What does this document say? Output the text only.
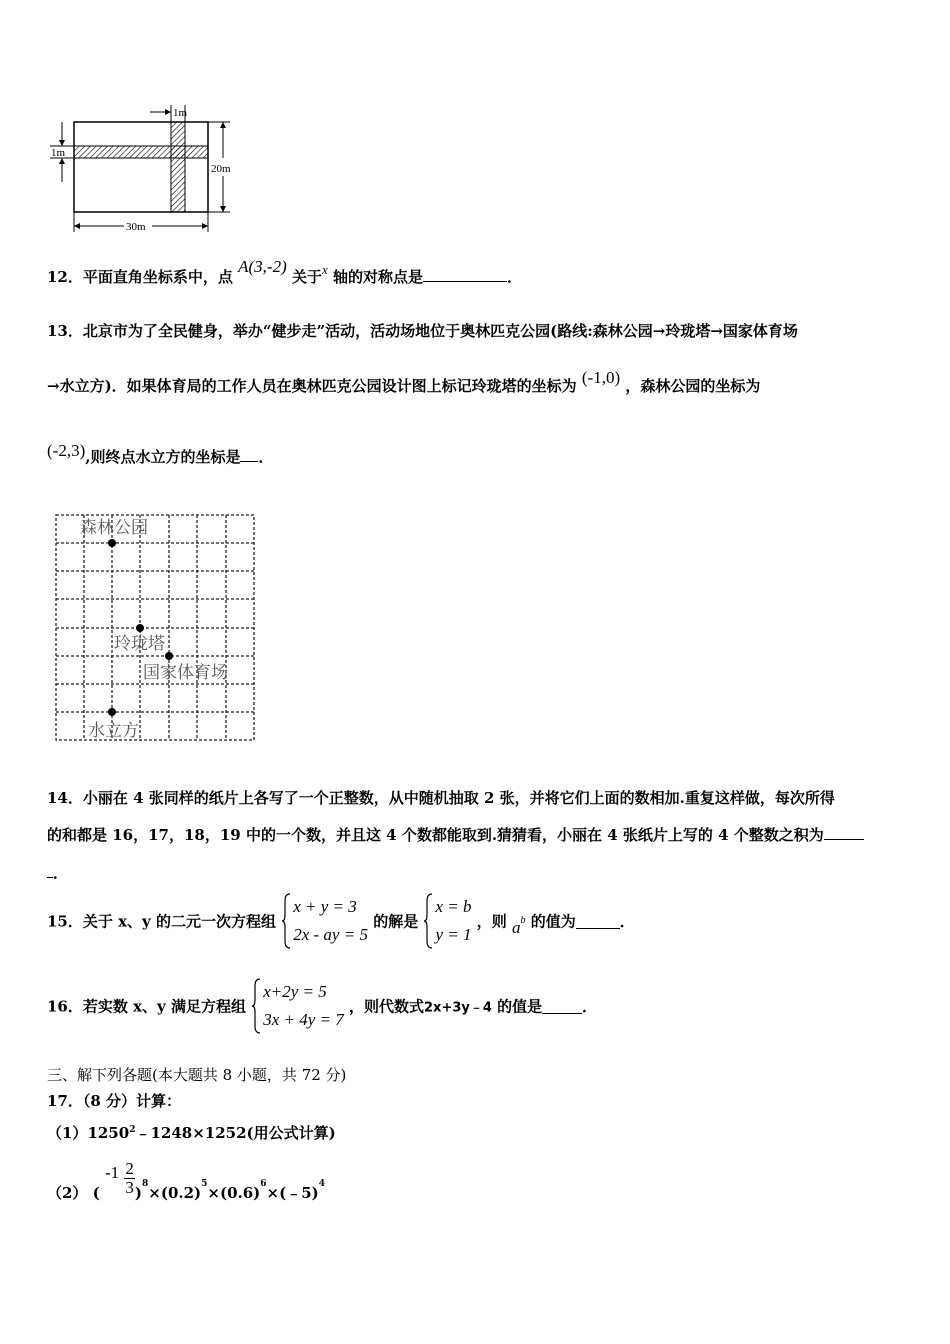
1m
1m
20m
30m
12．平面直角坐标系中，点 A(3,‑2) 关于x 轴的对称点是	．
13．北京市为了全民健身，举办“健步走”活动，活动场地位于奥林匹克公园(路线:森林公园→玲珑塔→国家体育场
→水立方)．如果体育局的工作人员在奥林匹克公园设计图上标记玲珑塔的坐标为 (‑1,0) ，森林公园的坐标为
(‑2,3),则终点水立方的坐标是 ．
森林公园
玲珑塔
国家体育场
水立方
14．小丽在 4 张同样的纸片上各写了一个正整数，从中随机抽取 2 张，并将它们上面的数相加.重复这样做，每次所得
的和都是 16，17，18，19 中的一个数，并且这 4 个数都能取到.猜猜看，小丽在 4 张纸片上写的 4 个整数之积为
．
15．关于 x、y 的二元一次方程组
x + y = 3
2x ‑ ay = 5
的解是
x = b
y = 1
，则 ab 的值为	．
16．若实数 x、y 满足方程组
x+2y = 5
3x + 4y = 7
，则代数式2x+3y﹣4 的值是	．
三、解下列各题(本大题共 8 小题，共 72 分)
17．（8 分）计算：
$(1)1250^2﹣1248\times 1252$(用公式计算)
（2） ( ‑1 $\frac{2}{3}$ )$^8\times(0.2)^5\times(0.6)^6\times(﹣5)^4$
